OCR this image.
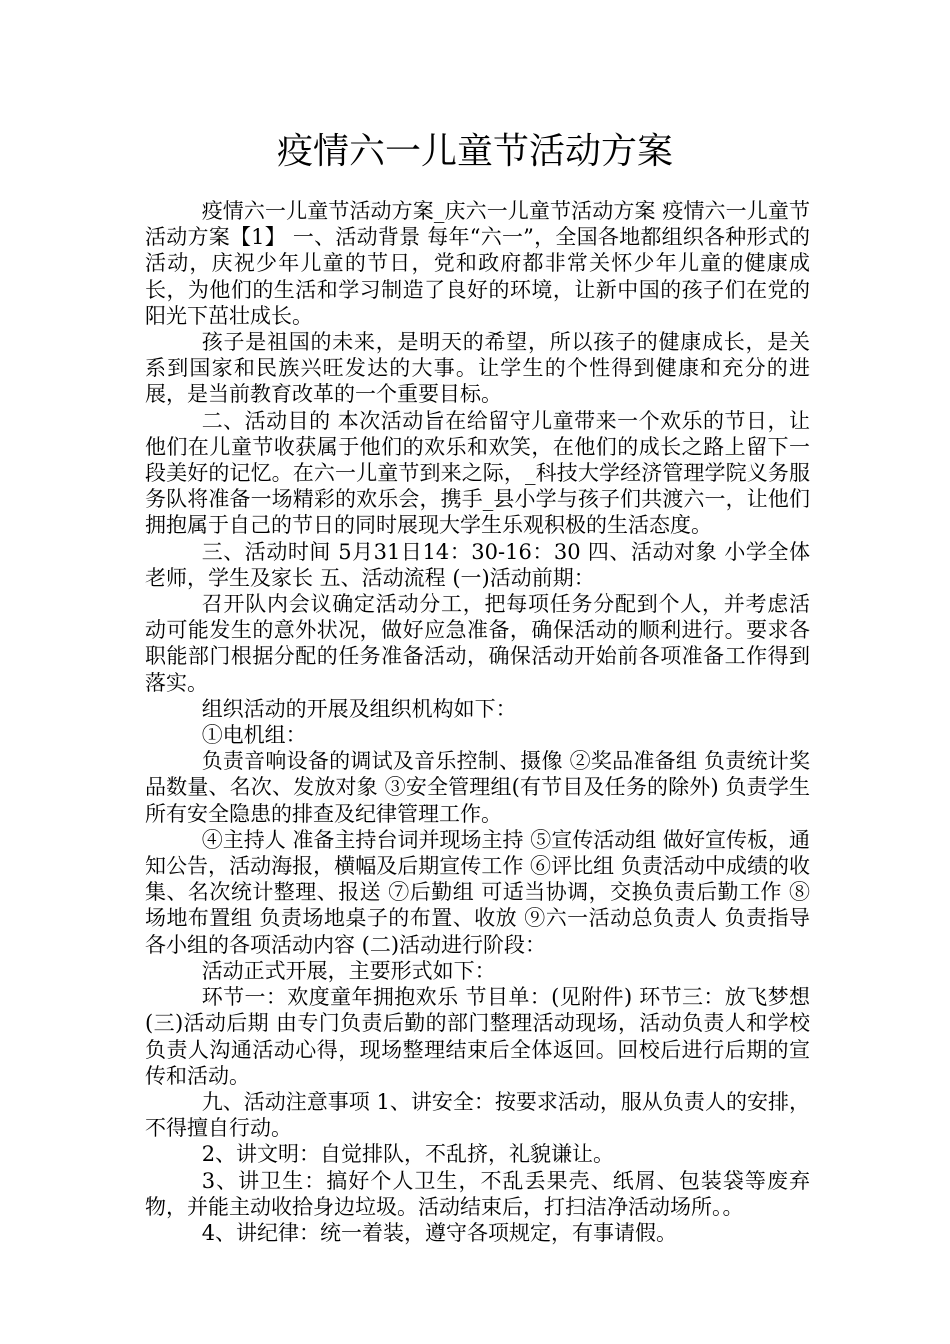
疫情六一儿童节活动方案

疫情六一儿童节活动方案_庆六一儿童节活动方案 疫情六一儿童节活动方案【1】 一、活动背景 每年“六一”，全国各地都组织各种形式的活动，庆祝少年儿童的节日，党和政府都非常关怀少年儿童的健康成长，为他们的生活和学习制造了良好的环境，让新中国的孩子们在党的阳光下茁壮成长。

孩子是祖国的未来，是明天的希望，所以孩子的健康成长，是关系到国家和民族兴旺发达的大事。让学生的个性得到健康和充分的进展，是当前教育改革的一个重要目标。

二、活动目的 本次活动旨在给留守儿童带来一个欢乐的节日，让他们在儿童节收获属于他们的欢乐和欢笑，在他们的成长之路上留下一段美好的记忆。在六一儿童节到来之际，_科技大学经济管理学院义务服务队将准备一场精彩的欢乐会，携手_县小学与孩子们共渡六一，让他们拥抱属于自己的节日的同时展现大学生乐观积极的生活态度。

三、活动时间 5月31日14：30-16：30 四、活动对象 小学全体老师，学生及家长 五、活动流程 (一)活动前期：

召开队内会议确定活动分工，把每项任务分配到个人，并考虑活动可能发生的意外状况，做好应急准备，确保活动的顺利进行。要求各职能部门根据分配的任务准备活动，确保活动开始前各项准备工作得到落实。

组织活动的开展及组织机构如下：

①电机组：

负责音响设备的调试及音乐控制、摄像 ②奖品准备组 负责统计奖品数量、名次、发放对象 ③安全管理组(有节目及任务的除外) 负责学生所有安全隐患的排查及纪律管理工作。

④主持人 准备主持台词并现场主持 ⑤宣传活动组 做好宣传板，通知公告，活动海报，横幅及后期宣传工作 ⑥评比组 负责活动中成绩的收集、名次统计整理、报送 ⑦后勤组 可适当协调，交换负责后勤工作 ⑧场地布置组 负责场地桌子的布置、收放 ⑨六一活动总负责人 负责指导各小组的各项活动内容 (二)活动进行阶段：

活动正式开展，主要形式如下：

环节一：欢度童年拥抱欢乐 节目单：(见附件) 环节三：放飞梦想 (三)活动后期 由专门负责后勤的部门整理活动现场，活动负责人和学校负责人沟通活动心得，现场整理结束后全体返回。回校后进行后期的宣传和活动。

九、活动注意事项 1、讲安全：按要求活动，服从负责人的安排，不得擅自行动。

2、讲文明：自觉排队，不乱挤，礼貌谦让。

3、讲卫生：搞好个人卫生，不乱丢果壳、纸屑、包装袋等废弃物，并能主动收拾身边垃圾。活动结束后，打扫洁净活动场所。。

4、讲纪律：统一着装，遵守各项规定，有事请假。
